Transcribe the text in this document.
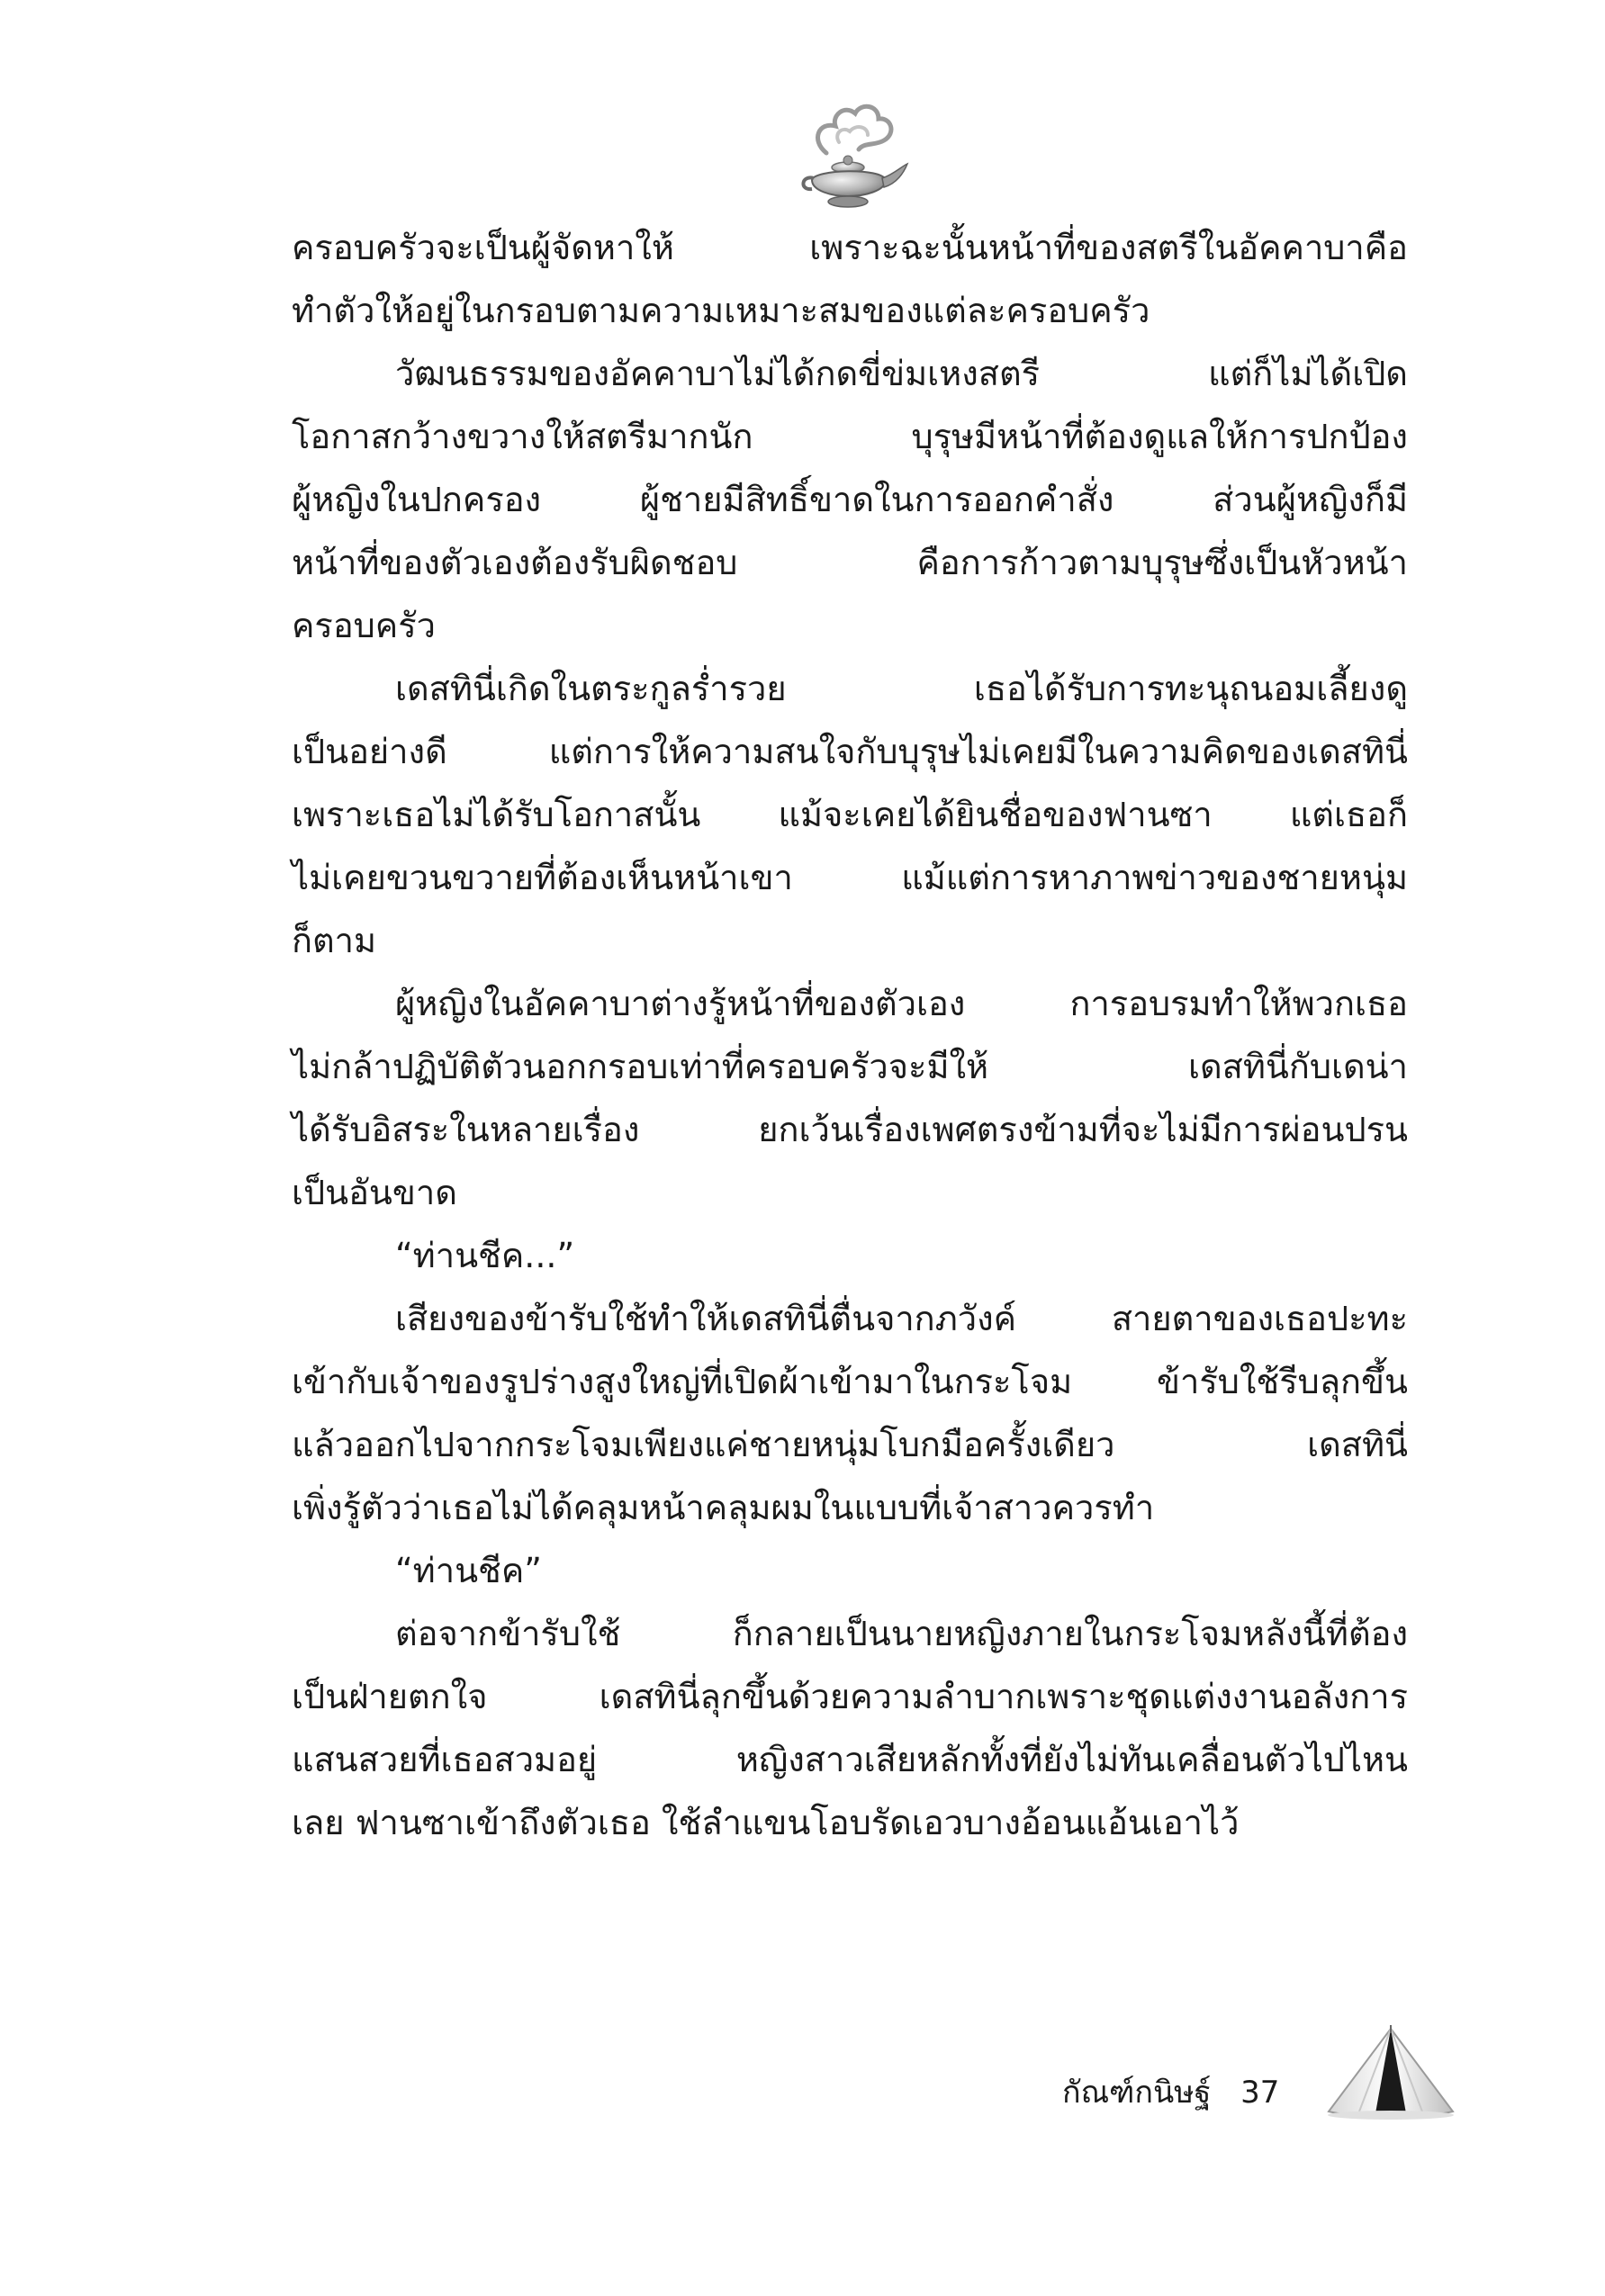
ครอบครัวจะเป็นผู้จัดหาให้ เพราะฉะนั้นหน้าที่ของสตรีในอัคคาบาคือ
ทำตัวให้อยู่ในกรอบตามความเหมาะสมของแต่ละครอบครัว
วัฒนธรรมของอัคคาบาไม่ได้กดขี่ข่มเหงสตรี แต่ก็ไม่ได้เปิด
โอกาสกว้างขวางให้สตรีมากนัก บุรุษมีหน้าที่ต้องดูแลให้การปกป้อง
ผู้หญิงในปกครอง ผู้ชายมีสิทธิ์ขาดในการออกคำสั่ง ส่วนผู้หญิงก็มี
หน้าที่ของตัวเองต้องรับผิดชอบ คือการก้าวตามบุรุษซึ่งเป็นหัวหน้า
ครอบครัว
เดสทินี่เกิดในตระกูลร่ำรวย เธอได้รับการทะนุถนอมเลี้ยงดู
เป็นอย่างดี แต่การให้ความสนใจกับบุรุษไม่เคยมีในความคิดของเดสทินี่
เพราะเธอไม่ได้รับโอกาสนั้น แม้จะเคยได้ยินชื่อของฟานซา แต่เธอก็
ไม่เคยขวนขวายที่ต้องเห็นหน้าเขา แม้แต่การหาภาพข่าวของชายหนุ่ม
ก็ตาม
ผู้หญิงในอัคคาบาต่างรู้หน้าที่ของตัวเอง การอบรมทำให้พวกเธอ
ไม่กล้าปฏิบัติตัวนอกกรอบเท่าที่ครอบครัวจะมีให้ เดสทินี่กับเดน่า
ได้รับอิสระในหลายเรื่อง ยกเว้นเรื่องเพศตรงข้ามที่จะไม่มีการผ่อนปรน
เป็นอันขาด
“ท่านชีค...”
เสียงของข้ารับใช้ทำให้เดสทินี่ตื่นจากภวังค์ สายตาของเธอปะทะ
เข้ากับเจ้าของรูปร่างสูงใหญ่ที่เปิดผ้าเข้ามาในกระโจม ข้ารับใช้รีบลุกขึ้น
แล้วออกไปจากกระโจมเพียงแค่ชายหนุ่มโบกมือครั้งเดียว เดสทินี่
เพิ่งรู้ตัวว่าเธอไม่ได้คลุมหน้าคลุมผมในแบบที่เจ้าสาวควรทำ
“ท่านชีค”
ต่อจากข้ารับใช้ ก็กลายเป็นนายหญิงภายในกระโจมหลังนี้ที่ต้อง
เป็นฝ่ายตกใจ เดสทินี่ลุกขึ้นด้วยความลำบากเพราะชุดแต่งงานอลังการ
แสนสวยที่เธอสวมอยู่ หญิงสาวเสียหลักทั้งที่ยังไม่ทันเคลื่อนตัวไปไหน
เลย ฟานซาเข้าถึงตัวเธอ ใช้ลำแขนโอบรัดเอวบางอ้อนแอ้นเอาไว้
กัณฑ์กนิษฐ์ 37
